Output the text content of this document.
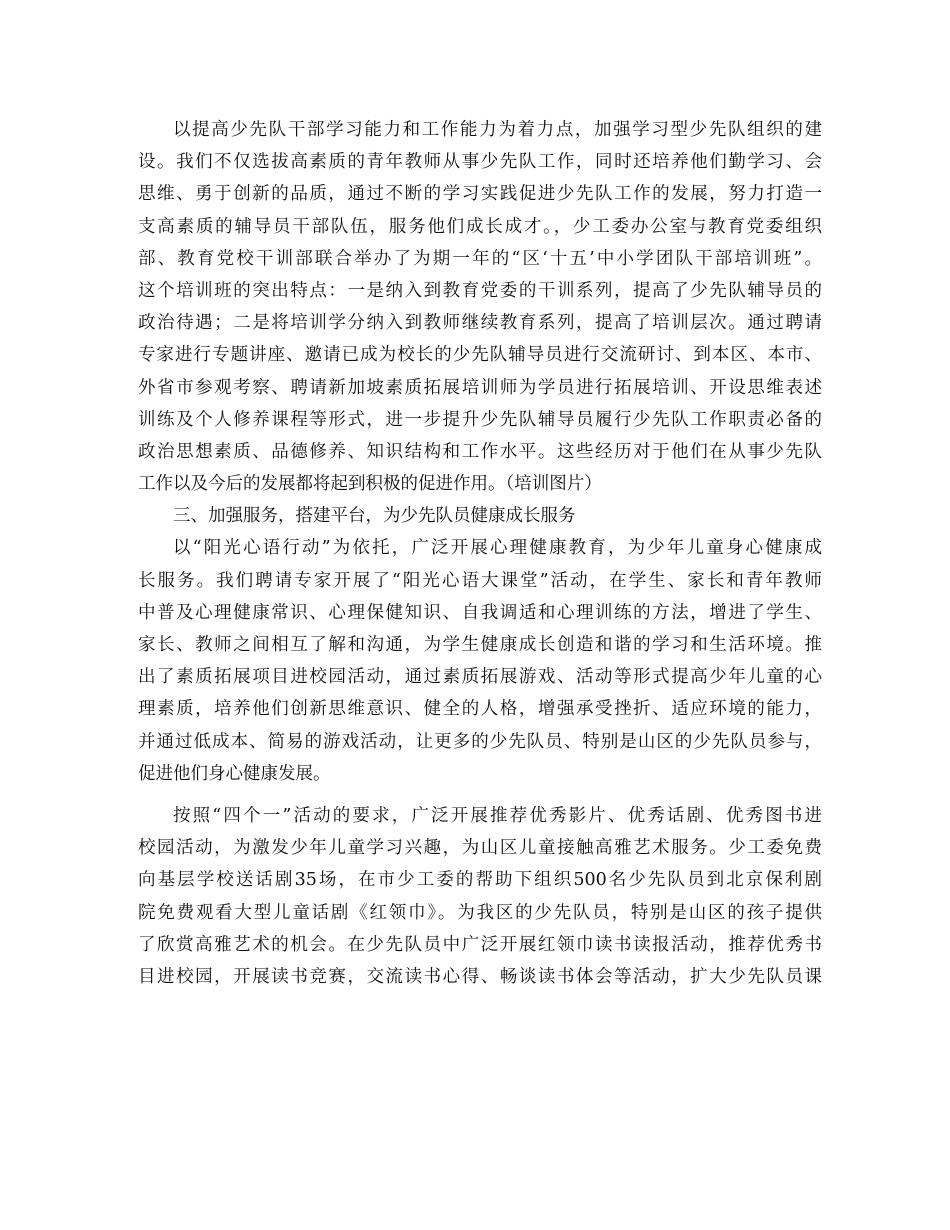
以提高少先队干部学习能力和工作能力为着力点，加强学习型少先队组织的建
设。我们不仅选拔高素质的青年教师从事少先队工作，同时还培养他们勤学习、会
思维、勇于创新的品质，通过不断的学习实践促进少先队工作的发展，努力打造一
支高素质的辅导员干部队伍，服务他们成长成才。，少工委办公室与教育党委组织
部、教育党校干训部联合举办了为期一年的“区‘十五’中小学团队干部培训班”。
这个培训班的突出特点：一是纳入到教育党委的干训系列，提高了少先队辅导员的
政治待遇；二是将培训学分纳入到教师继续教育系列，提高了培训层次。通过聘请
专家进行专题讲座、邀请已成为校长的少先队辅导员进行交流研讨、到本区、本市、
外省市参观考察、聘请新加坡素质拓展培训师为学员进行拓展培训、开设思维表述
训练及个人修养课程等形式，进一步提升少先队辅导员履行少先队工作职责必备的
政治思想素质、品德修养、知识结构和工作水平。这些经历对于他们在从事少先队
工作以及今后的发展都将起到积极的促进作用。（培训图片）
三、加强服务，搭建平台，为少先队员健康成长服务
以“阳光心语行动”为依托，广泛开展心理健康教育，为少年儿童身心健康成
长服务。我们聘请专家开展了“阳光心语大课堂”活动，在学生、家长和青年教师
中普及心理健康常识、心理保健知识、自我调适和心理训练的方法，增进了学生、
家长、教师之间相互了解和沟通，为学生健康成长创造和谐的学习和生活环境。推
出了素质拓展项目进校园活动，通过素质拓展游戏、活动等形式提高少年儿童的心
理素质，培养他们创新思维意识、健全的人格，增强承受挫折、适应环境的能力，
并通过低成本、简易的游戏活动，让更多的少先队员、特别是山区的少先队员参与，
促进他们身心健康发展。
按照“四个一”活动的要求，广泛开展推荐优秀影片、优秀话剧、优秀图书进
校园活动，为激发少年儿童学习兴趣，为山区儿童接触高雅艺术服务。少工委免费
向基层学校送话剧35场，在市少工委的帮助下组织500名少先队员到北京保利剧
院免费观看大型儿童话剧《红领巾》。为我区的少先队员，特别是山区的孩子提供
了欣赏高雅艺术的机会。在少先队员中广泛开展红领巾读书读报活动，推荐优秀书
目进校园，开展读书竞赛，交流读书心得、畅谈读书体会等活动，扩大少先队员课
